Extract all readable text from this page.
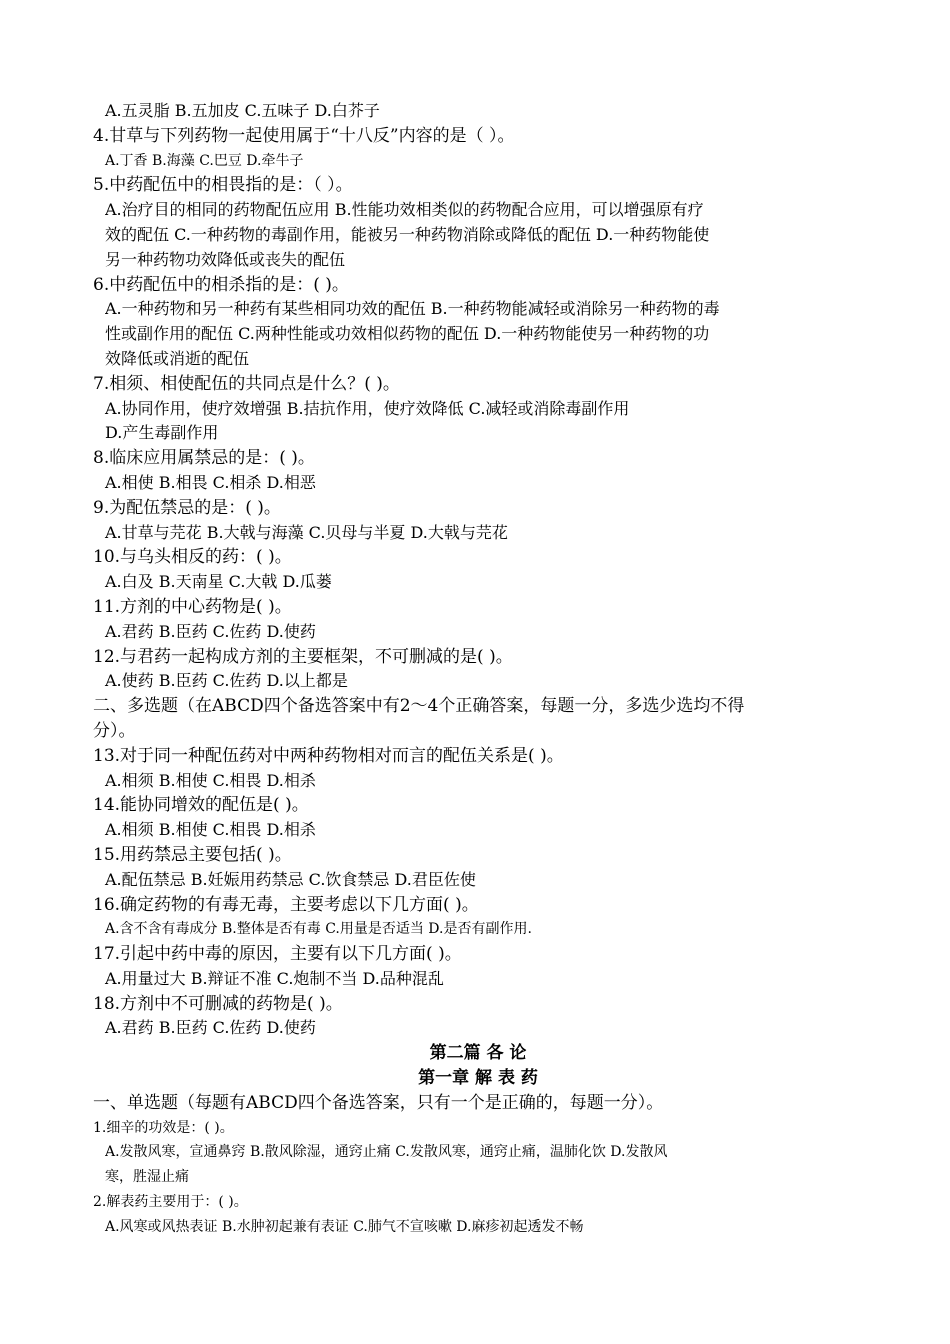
A.五灵脂 B.五加皮 C.五味子 D.白芥子
4.甘草与下列药物一起使用属于“十八反”内容的是（ ）。
A.丁香 B.海藻 C.巴豆 D.牵牛子
5.中药配伍中的相畏指的是：（ ）。
A.治疗目的相同的药物配伍应用 B.性能功效相类似的药物配合应用，可以增强原有疗
效的配伍 C.一种药物的毒副作用，能被另一种药物消除或降低的配伍 D.一种药物能使
另一种药物功效降低或丧失的配伍
6.中药配伍中的相杀指的是：( )。
A.一种药物和另一种药有某些相同功效的配伍 B.一种药物能减轻或消除另一种药物的毒
性或副作用的配伍 C.两种性能或功效相似药物的配伍 D.一种药物能使另一种药物的功
效降低或消逝的配伍
7.相须、相使配伍的共同点是什么？( )。
A.协同作用，使疗效增强 B.拮抗作用，使疗效降低 C.减轻或消除毒副作用
D.产生毒副作用
8.临床应用属禁忌的是：( )。
A.相使 B.相畏 C.相杀 D.相恶
9.为配伍禁忌的是：( )。
A.甘草与芫花 B.大戟与海藻 C.贝母与半夏 D.大戟与芫花
10.与乌头相反的药：( )。
A.白及 B.天南星 C.大戟 D.瓜蒌
11.方剂的中心药物是( )。
A.君药 B.臣药 C.佐药 D.使药
12.与君药一起构成方剂的主要框架，不可删减的是( )。
A.使药 B.臣药 C.佐药 D.以上都是
二、多选题（在ABCD四个备选答案中有2～4个正确答案，每题一分，多选少选均不得
分）。
13.对于同一种配伍药对中两种药物相对而言的配伍关系是( )。
A.相须 B.相使 C.相畏 D.相杀
14.能协同增效的配伍是( )。
A.相须 B.相使 C.相畏 D.相杀
15.用药禁忌主要包括( )。
A.配伍禁忌 B.妊娠用药禁忌 C.饮食禁忌 D.君臣佐使
16.确定药物的有毒无毒，主要考虑以下几方面( )。
A.含不含有毒成分 B.整体是否有毒 C.用量是否适当 D.是否有副作用.
17.引起中药中毒的原因，主要有以下几方面( )。
A.用量过大 B.辩证不准 C.炮制不当 D.品种混乱
18.方剂中不可删减的药物是( )。
A.君药 B.臣药 C.佐药 D.使药
第二篇 各 论
第一章 解 表 药
一、单选题（每题有ABCD四个备选答案，只有一个是正确的，每题一分）。
1.细辛的功效是：( )。
A.发散风寒，宣通鼻窍 B.散风除湿，通窍止痛 C.发散风寒，通窍止痛，温肺化饮 D.发散风
寒，胜湿止痛
2.解表药主要用于：( )。
A.风寒或风热表证 B.水肿初起兼有表证 C.肺气不宣咳嗽 D.麻疹初起透发不畅
